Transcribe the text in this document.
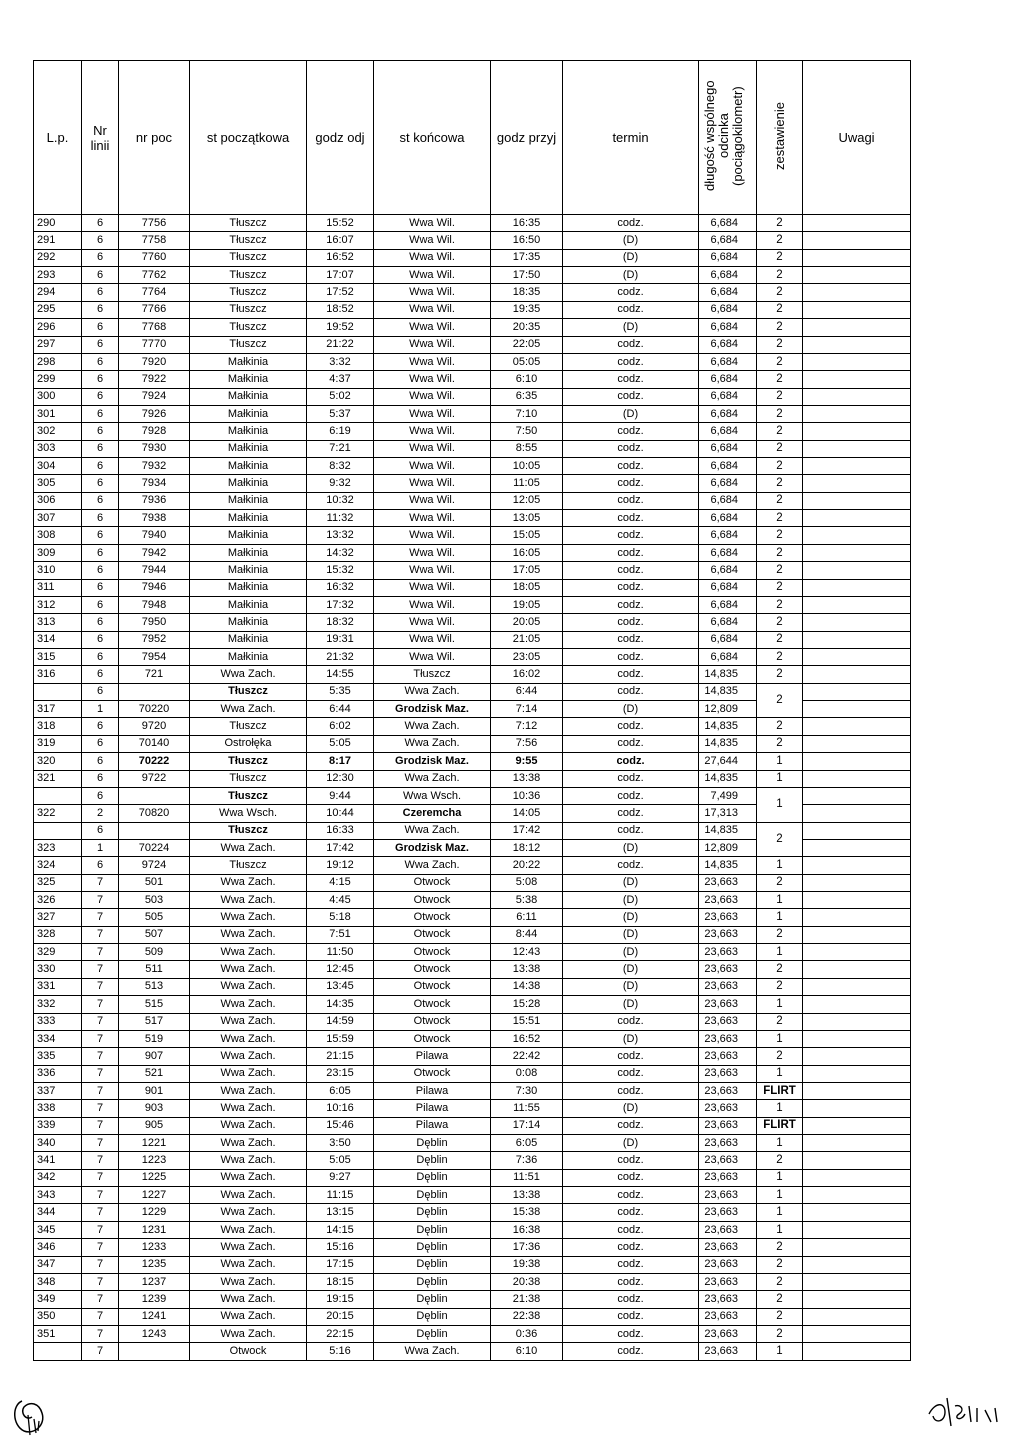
L.p.	Nr linii	nr poc	st początkowa	godz odj	st końcowa	godz przyj	termin	długość wspólnego odcinka (pociągokilometr)	zestawienie	Uwagi
290	6	7756	Tłuszcz	15:52	Wwa Wil.	16:35	codz.	6,684	2	
291	6	7758	Tłuszcz	16:07	Wwa Wil.	16:50	(D)	6,684	2	
292	6	7760	Tłuszcz	16:52	Wwa Wil.	17:35	(D)	6,684	2	
293	6	7762	Tłuszcz	17:07	Wwa Wil.	17:50	(D)	6,684	2	
294	6	7764	Tłuszcz	17:52	Wwa Wil.	18:35	codz.	6,684	2	
295	6	7766	Tłuszcz	18:52	Wwa Wil.	19:35	codz.	6,684	2	
296	6	7768	Tłuszcz	19:52	Wwa Wil.	20:35	(D)	6,684	2	
297	6	7770	Tłuszcz	21:22	Wwa Wil.	22:05	codz.	6,684	2	
298	6	7920	Małkinia	3:32	Wwa Wil.	05:05	codz.	6,684	2	
299	6	7922	Małkinia	4:37	Wwa Wil.	6:10	codz.	6,684	2	
300	6	7924	Małkinia	5:02	Wwa Wil.	6:35	codz.	6,684	2	
301	6	7926	Małkinia	5:37	Wwa Wil.	7:10	(D)	6,684	2	
302	6	7928	Małkinia	6:19	Wwa Wil.	7:50	codz.	6,684	2	
303	6	7930	Małkinia	7:21	Wwa Wil.	8:55	codz.	6,684	2	
304	6	7932	Małkinia	8:32	Wwa Wil.	10:05	codz.	6,684	2	
305	6	7934	Małkinia	9:32	Wwa Wil.	11:05	codz.	6,684	2	
306	6	7936	Małkinia	10:32	Wwa Wil.	12:05	codz.	6,684	2	
307	6	7938	Małkinia	11:32	Wwa Wil.	13:05	codz.	6,684	2	
308	6	7940	Małkinia	13:32	Wwa Wil.	15:05	codz.	6,684	2	
309	6	7942	Małkinia	14:32	Wwa Wil.	16:05	codz.	6,684	2	
310	6	7944	Małkinia	15:32	Wwa Wil.	17:05	codz.	6,684	2	
311	6	7946	Małkinia	16:32	Wwa Wil.	18:05	codz.	6,684	2	
312	6	7948	Małkinia	17:32	Wwa Wil.	19:05	codz.	6,684	2	
313	6	7950	Małkinia	18:32	Wwa Wil.	20:05	codz.	6,684	2	
314	6	7952	Małkinia	19:31	Wwa Wil.	21:05	codz.	6,684	2	
315	6	7954	Małkinia	21:32	Wwa Wil.	23:05	codz.	6,684	2	
316	6	721	Wwa Zach.	14:55	Tłuszcz	16:02	codz.	14,835	2	
	6		Tłuszcz	5:35	Wwa Zach.	6:44	codz.	14,835	2	
317	1	70220	Wwa Zach.	6:44	Grodzisk Maz.	7:14	(D)	12,809		
318	6	9720	Tłuszcz	6:02	Wwa Zach.	7:12	codz.	14,835	2	
319	6	70140	Ostrołęka	5:05	Wwa Zach.	7:56	codz.	14,835	2	
320	6	70222	Tłuszcz	8:17	Grodzisk Maz.	9:55	codz.	27,644	1	
321	6	9722	Tłuszcz	12:30	Wwa Zach.	13:38	codz.	14,835	1	
	6		Tłuszcz	9:44	Wwa Wsch.	10:36	codz.	7,499	1	
322	2	70820	Wwa Wsch.	10:44	Czeremcha	14:05	codz.	17,313		
	6		Tłuszcz	16:33	Wwa Zach.	17:42	codz.	14,835	2	
323	1	70224	Wwa Zach.	17:42	Grodzisk Maz.	18:12	(D)	12,809		
324	6	9724	Tłuszcz	19:12	Wwa Zach.	20:22	codz.	14,835	1	
325	7	501	Wwa Zach.	4:15	Otwock	5:08	(D)	23,663	2	
326	7	503	Wwa Zach.	4:45	Otwock	5:38	(D)	23,663	1	
327	7	505	Wwa Zach.	5:18	Otwock	6:11	(D)	23,663	1	
328	7	507	Wwa Zach.	7:51	Otwock	8:44	(D)	23,663	2	
329	7	509	Wwa Zach.	11:50	Otwock	12:43	(D)	23,663	1	
330	7	511	Wwa Zach.	12:45	Otwock	13:38	(D)	23,663	2	
331	7	513	Wwa Zach.	13:45	Otwock	14:38	(D)	23,663	2	
332	7	515	Wwa Zach.	14:35	Otwock	15:28	(D)	23,663	1	
333	7	517	Wwa Zach.	14:59	Otwock	15:51	codz.	23,663	2	
334	7	519	Wwa Zach.	15:59	Otwock	16:52	(D)	23,663	1	
335	7	907	Wwa Zach.	21:15	Pilawa	22:42	codz.	23,663	2	
336	7	521	Wwa Zach.	23:15	Otwock	0:08	codz.	23,663	1	
337	7	901	Wwa Zach.	6:05	Pilawa	7:30	codz.	23,663	FLIRT	
338	7	903	Wwa Zach.	10:16	Pilawa	11:55	(D)	23,663	1	
339	7	905	Wwa Zach.	15:46	Pilawa	17:14	codz.	23,663	FLIRT	
340	7	1221	Wwa Zach.	3:50	Dęblin	6:05	(D)	23,663	1	
341	7	1223	Wwa Zach.	5:05	Dęblin	7:36	codz.	23,663	2	
342	7	1225	Wwa Zach.	9:27	Dęblin	11:51	codz.	23,663	1	
343	7	1227	Wwa Zach.	11:15	Dęblin	13:38	codz.	23,663	1	
344	7	1229	Wwa Zach.	13:15	Dęblin	15:38	codz.	23,663	1	
345	7	1231	Wwa Zach.	14:15	Dęblin	16:38	codz.	23,663	1	
346	7	1233	Wwa Zach.	15:16	Dęblin	17:36	codz.	23,663	2	
347	7	1235	Wwa Zach.	17:15	Dęblin	19:38	codz.	23,663	2	
348	7	1237	Wwa Zach.	18:15	Dęblin	20:38	codz.	23,663	2	
349	7	1239	Wwa Zach.	19:15	Dęblin	21:38	codz.	23,663	2	
350	7	1241	Wwa Zach.	20:15	Dęblin	22:38	codz.	23,663	2	
351	7	1243	Wwa Zach.	22:15	Dęblin	0:36	codz.	23,663	2	
	7		Otwock	5:16	Wwa Zach.	6:10	codz.	23,663	1	
